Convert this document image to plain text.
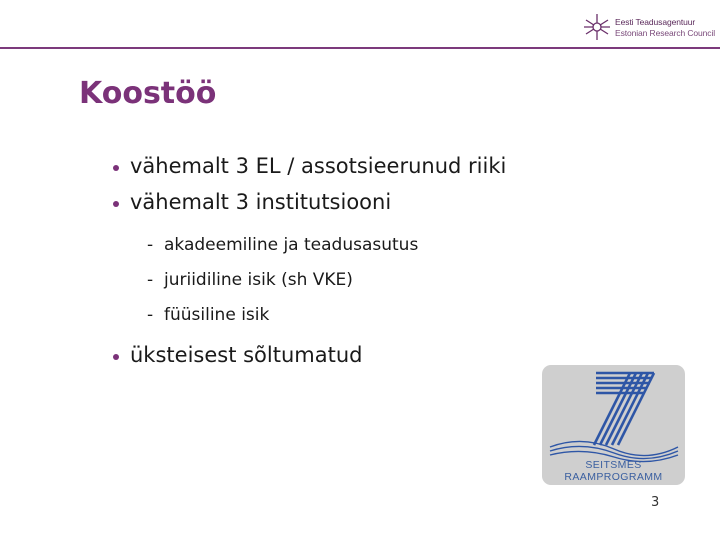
Eesti Teadusagentuur
Estonian Research Council
Koostöö
vähemalt 3 EL / assotsieerunud riiki
vähemalt 3 institutsiooni
- akadeemiline ja teadusasutus
- juriidiline isik (sh VKE)
- füüsiline isik
üksteisest sõltumatud
SEITSMES
RAAMPROGRAMM
3
